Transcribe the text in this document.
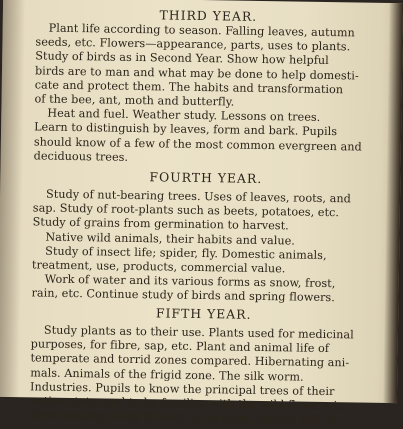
THIRD YEAR.
Plant life according to season. Falling leaves, autumn
seeds, etc. Flowers—appearance, parts, uses to plants.
Study of birds as in Second Year. Show how helpful
birds are to man and what may be done to help domesti-
cate and protect them. The habits and transformation
of the bee, ant, moth and butterfly.
Heat and fuel. Weather study. Lessons on trees.
Learn to distinguish by leaves, form and bark. Pupils
should know of a few of the most common evergreen and
deciduous trees.
FOURTH YEAR.
Study of nut-bearing trees. Uses of leaves, roots, and
sap. Study of root-plants such as beets, potatoes, etc.
Study of grains from germination to harvest.
Native wild animals, their habits and value.
Study of insect life; spider, fly. Domestic animals,
treatment, use, products, commercial value.
Work of water and its various forms as snow, frost,
rain, etc. Continue study of birds and spring flowers.
FIFTH YEAR.
Study plants as to their use. Plants used for medicinal
purposes, for fibre, sap, etc. Plant and animal life of
temperate and torrid zones compared. Hibernating ani-
mals. Animals of the frigid zone. The silk worm.
Industries. Pupils to know the principal trees of their
native state, and to be familiar with the wild flowers in
their locality. Study flowers as to parts, habits, soil re-
